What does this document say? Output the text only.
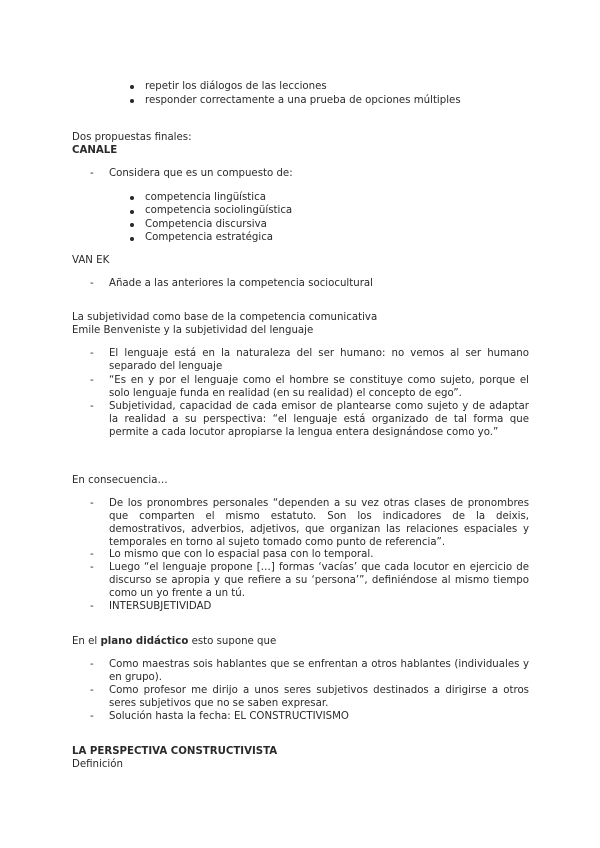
repetir los diálogos de las lecciones
responder correctamente a una prueba de opciones múltiples
Dos propuestas finales:
CANALE
- Considera que es un compuesto de:
competencia lingüística
competencia sociolingüística
Competencia discursiva
Competencia estratégica
VAN EK
- Añade a las anteriores la competencia sociocultural
La subjetividad como base de la competencia comunicativa
Emile Benveniste y la subjetividad del lenguaje
- El lenguaje está en la naturaleza del ser humano: no vemos al ser humano separado del lenguaje
- “Es en y por el lenguaje como el hombre se constituye como sujeto, porque el solo lenguaje funda en realidad (en su realidad) el concepto de ego”.
- Subjetividad, capacidad de cada emisor de plantearse como sujeto y de adaptar la realidad a su perspectiva: “el lenguaje está organizado de tal forma que permite a cada locutor apropiarse la lengua entera designándose como yo.”
En consecuencia…
- De los pronombres personales “dependen a su vez otras clases de pronombres que comparten el mismo estatuto. Son los indicadores de la deixis, demostrativos, adverbios, adjetivos, que organizan las relaciones espaciales y temporales en torno al sujeto tomado como punto de referencia”.
- Lo mismo que con lo espacial pasa con lo temporal.
- Luego “el lenguaje propone […] formas ‘vacías’ que cada locutor en ejercicio de discurso se apropia y que refiere a su ‘persona’”, definiéndose al mismo tiempo como un yo frente a un tú.
- INTERSUBJETIVIDAD
En el plano didáctico esto supone que
- Como maestras sois hablantes que se enfrentan a otros hablantes (individuales y en grupo).
- Como profesor me dirijo a unos seres subjetivos destinados a dirigirse a otros seres subjetivos que no se saben expresar.
- Solución hasta la fecha: EL CONSTRUCTIVISMO
LA PERSPECTIVA CONSTRUCTIVISTA
Definición
